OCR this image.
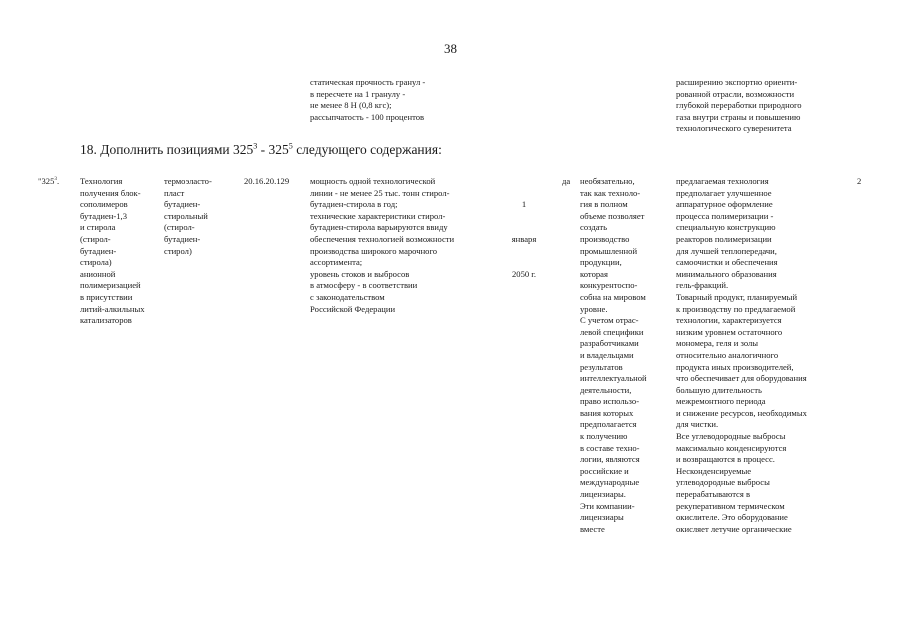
38
статическая прочность гранул -
в пересчете на 1 гранулу -
не менее 8 Н (0,8 кгс);
рассыпчатость - 100 процентов
расширению экспортно ориенти-
рованной отрасли, возможности
глубокой переработки природного
газа внутри страны и повышению
технологического суверенитета
18. Дополнить позициями $325^3 - 325^5$ следующего содержания:
"$325^3$. Технология
получения блок-
сополимеров
бутадиен-1,3
и стирола
(стирол-
бутадиен-
стирола)
анионной
полимеризацией
в присутствии
литий-алкильных
катализаторов
термоэласто-
пласт
бутадиен-
стирольный
(стирол-
бутадиен-
стирол)
20.16.20.129 мощность одной технологической
линии - не менее 25 тыс. тонн стирол-
бутадиен-стирола в год;
технические характеристики стирол-
бутадиен-стирола варьируются ввиду
обеспечения технологией возможности
производства широкого марочного
ассортимента;
уровень стоков и выбросов
в атмосферу - в соответствии
с законодательством
Российской Федерации

1

января

2050 г.

да необязательно,
так как техноло-
гия в полном
объеме позволяет
создать
производство
промышленной
продукции,
которая
конкурентоспо-
собна на мировом
уровне.
С учетом отрас-
левой специфики
разработчиками
и владельцами
результатов
интеллектуальной
деятельности,
право использо-
вания которых
предполагается
к получению
в составе техно-
логии, являются
российские и
международные
лицензиары.
Эти компании-
лицензиары
вместе
предлагаемая технология
предполагает улучшенное
аппаратурное оформление
процесса полимеризации -
специальную конструкцию
реакторов полимеризации
для лучшей теплопередачи,
самоочистки и обеспечения
минимального образования
гель-фракций.
Товарный продукт, планируемый
к производству по предлагаемой
технологии, характеризуется
низким уровнем остаточного
мономера, геля и золы
относительно аналогичного
продукта иных производителей,
что обеспечивает для оборудования
большую длительность
межремонтного периода
и снижение ресурсов, необходимых
для чистки.
Все углеводородные выбросы
максимально конденсируются
и возвращаются в процесс.
Несконденсируемые
углеводородные выбросы
перерабатываются в
рекуперативном термическом
окислителе. Это оборудование
окисляет летучие органические
2
